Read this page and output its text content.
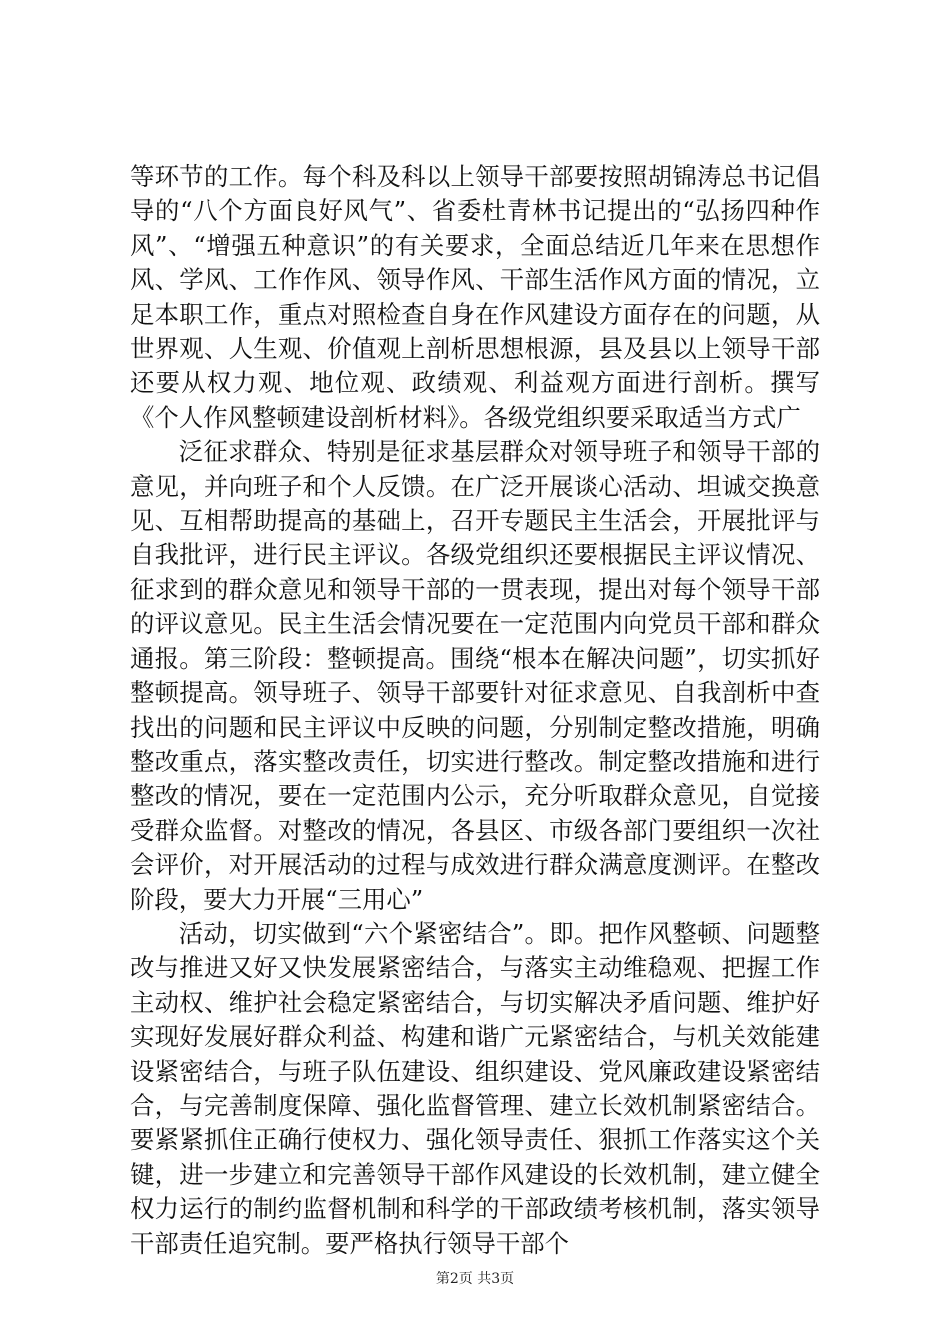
等环节的工作。每个科及科以上领导干部要按照胡锦涛总书记倡导的“八个方面良好风气”、省委杜青林书记提出的“弘扬四种作风”、“增强五种意识”的有关要求，全面总结近几年来在思想作风、学风、工作作风、领导作风、干部生活作风方面的情况，立足本职工作，重点对照检查自身在作风建设方面存在的问题，从世界观、人生观、价值观上剖析思想根源，县及县以上领导干部还要从权力观、地位观、政绩观、利益观方面进行剖析。撰写《个人作风整顿建设剖析材料》。各级党组织要采取适当方式广

泛征求群众、特别是征求基层群众对领导班子和领导干部的意见，并向班子和个人反馈。在广泛开展谈心活动、坦诚交换意见、互相帮助提高的基础上，召开专题民主生活会，开展批评与自我批评，进行民主评议。各级党组织还要根据民主评议情况、征求到的群众意见和领导干部的一贯表现，提出对每个领导干部的评议意见。民主生活会情况要在一定范围内向党员干部和群众通报。第三阶段：整顿提高。围绕“根本在解决问题”，切实抓好整顿提高。领导班子、领导干部要针对征求意见、自我剖析中查找出的问题和民主评议中反映的问题，分别制定整改措施，明确整改重点，落实整改责任，切实进行整改。制定整改措施和进行整改的情况，要在一定范围内公示，充分听取群众意见，自觉接受群众监督。对整改的情况，各县区、市级各部门要组织一次社会评价，对开展活动的过程与成效进行群众满意度测评。在整改阶段，要大力开展“三用心”

活动，切实做到“六个紧密结合”。即。把作风整顿、问题整改与推进又好又快发展紧密结合，与落实主动维稳观、把握工作主动权、维护社会稳定紧密结合，与切实解决矛盾问题、维护好实现好发展好群众利益、构建和谐广元紧密结合，与机关效能建设紧密结合，与班子队伍建设、组织建设、党风廉政建设紧密结合，与完善制度保障、强化监督管理、建立长效机制紧密结合。要紧紧抓住正确行使权力、强化领导责任、狠抓工作落实这个关键，进一步建立和完善领导干部作风建设的长效机制，建立健全权力运行的制约监督机制和科学的干部政绩考核机制，落实领导干部责任追究制。要严格执行领导干部个

第2页 共3页
